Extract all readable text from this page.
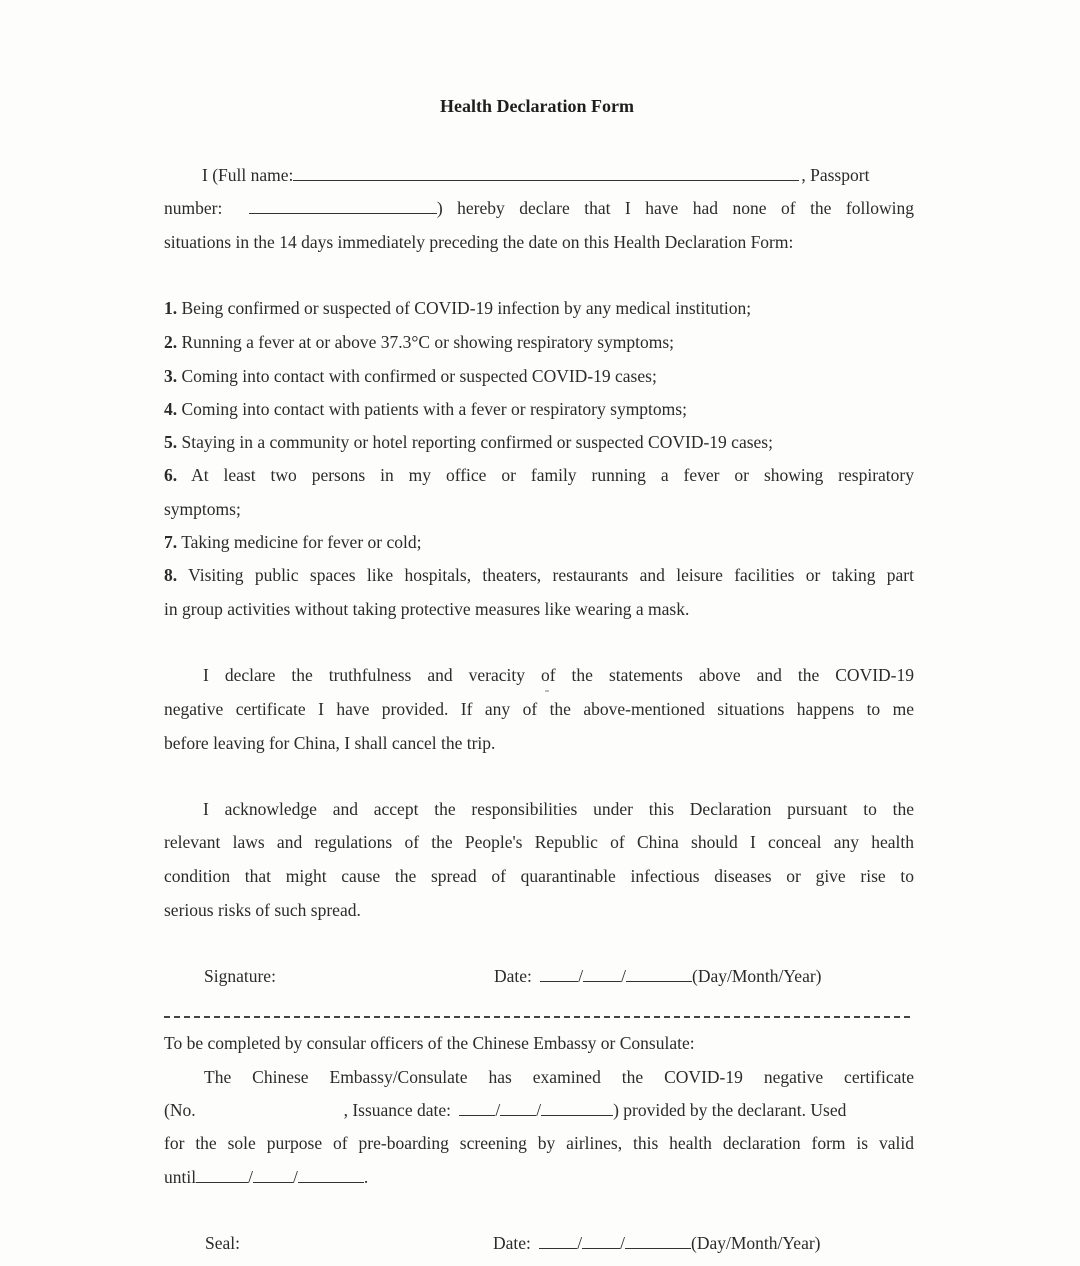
Health Declaration Form
I (Full name:	, Passport
number:	) hereby declare that I have had none of the following
situations in the 14 days immediately preceding the date on this Health Declaration Form:
1. Being confirmed or suspected of COVID-19 infection by any medical institution;
2. Running a fever at or above 37.3°C or showing respiratory symptoms;
3. Coming into contact with confirmed or suspected COVID-19 cases;
4. Coming into contact with patients with a fever or respiratory symptoms;
5. Staying in a community or hotel reporting confirmed or suspected COVID-19 cases;
6. At least two persons in my office or family running a fever or showing respiratory
symptoms;
7. Taking medicine for fever or cold;
8. Visiting public spaces like hospitals, theaters, restaurants and leisure facilities or taking part
in group activities without taking protective measures like wearing a mask.
I declare the truthfulness and veracity of the statements above and the COVID-19
negative certificate I have provided. If any of the above-mentioned situations happens to me
before leaving for China, I shall cancel the trip.
I acknowledge and accept the responsibilities under this Declaration pursuant to the
relevant laws and regulations of the People's Republic of China should I conceal any health
condition that might cause the spread of quarantinable infectious diseases or give rise to
serious risks of such spread.
Signature:	Date:	/ /	(Day/Month/Year)
To be completed by consular officers of the Chinese Embassy or Consulate:
The Chinese Embassy/Consulate has examined the COVID-19 negative certificate
(No.	, Issuance date:	/ /	) provided by the declarant. Used
for the sole purpose of pre-boarding screening by airlines, this health declaration form is valid
until	/ /	.
Seal:	Date:	/ /	(Day/Month/Year)
